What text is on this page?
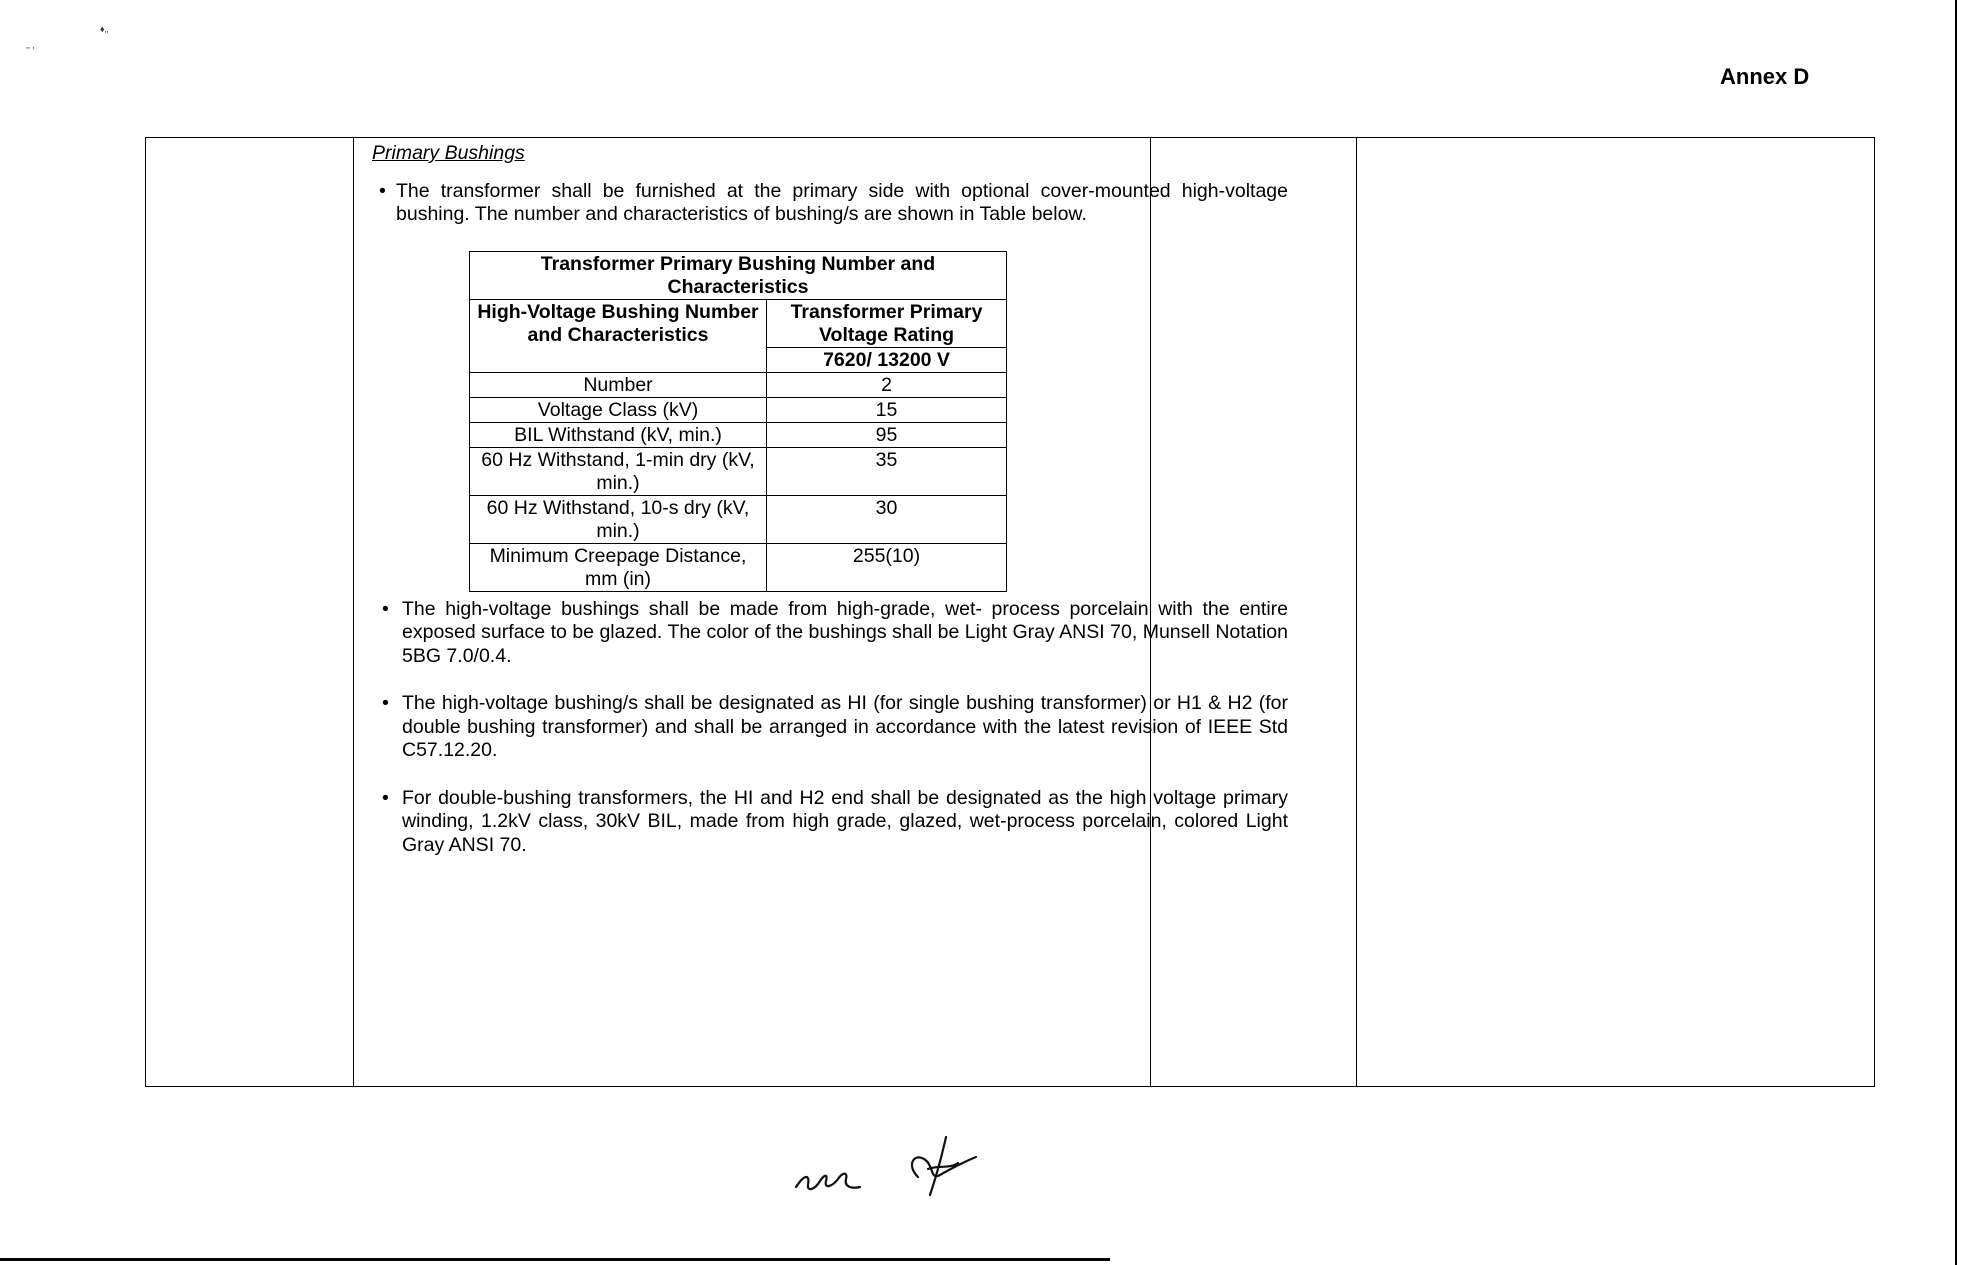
♦‚‚
‚‚ ‚
Annex D
Primary Bushings
• The transformer shall be furnished at the primary side with optional cover-mounted high-voltage bushing. The number and characteristics of bushing/s are shown in Table below.
Transformer Primary Bushing Number and Characteristics	
High-Voltage Bushing Number and Characteristics	Transformer Primary Voltage Rating
	7620/ 13200 V
Number	2
Voltage Class (kV)	15
BIL Withstand (kV, min.)	95
60 Hz Withstand, 1-min dry (kV, min.)	35
60 Hz Withstand, 10-s dry (kV, min.)	30
Minimum Creepage Distance, mm (in)	255(10)
• The high-voltage bushings shall be made from high-grade, wet- process porcelain with the entire exposed surface to be glazed. The color of the bushings shall be Light Gray ANSI 70, Munsell Notation 5BG 7.0/0.4.
• The high-voltage bushing/s shall be designated as HI (for single bushing transformer) or H1 & H2 (for double bushing transformer) and shall be arranged in accordance with the latest revision of IEEE Std C57.12.20.
• For double-bushing transformers, the HI and H2 end shall be designated as the high voltage primary winding, 1.2kV class, 30kV BIL, made from high grade, glazed, wet-process porcelain, colored Light Gray ANSI 70.
